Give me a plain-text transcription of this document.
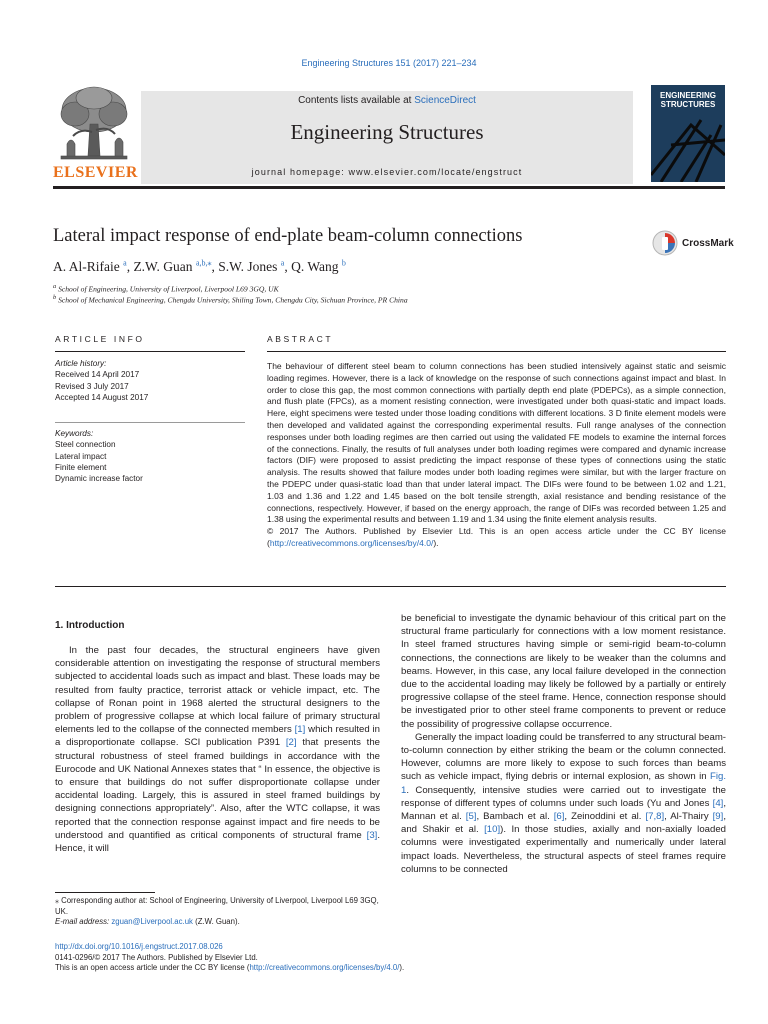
Engineering Structures 151 (2017) 221–234
ELSEVIER
Contents lists available at ScienceDirect
Engineering Structures
journal homepage: www.elsevier.com/locate/engstruct
ENGINEERING STRUCTURES
Lateral impact response of end-plate beam-column connections	CrossMark
A. Al-Rifaie $^a$, Z.W. Guan $^{a,b,⁎}$, S.W. Jones $^a$, Q. Wang $^b$
$^a$ School of Engineering, University of Liverpool, Liverpool L69 3GQ, UK
$^b$ School of Mechanical Engineering, Chengdu University, Shiling Town, Chengdu City, Sichuan Province, PR China
ARTICLE INFO	ABSTRACT
Article history:
Received 14 April 2017
Revised 3 July 2017
Accepted 14 August 2017
Keywords:
Steel connection
Lateral impact
Finite element
Dynamic increase factor

The behaviour of different steel beam to column connections has been studied intensively against static and seismic loading regimes. However, there is a lack of knowledge on the response of such connections against impact and blast. In order to close this gap, the most common connections with partially depth end plate (PDEPCs), as a simple connection, and flush plate (FPCs), as a moment resisting connection, were investigated under both quasi-static and impact loads. Here, eight specimens were tested under those loading conditions with different locations. 3 D finite element models were then developed and validated against the corresponding experimental results. Full range analyses of the connection responses under both loading regimes are then carried out using the validated FE models to examine the internal forces of the connections. Finally, the results of full analyses under both loading regimes were compared and dynamic increase factors (DIF) were proposed to assist predicting the impact response of these types of connections using the static analysis. The results showed that failure modes under both loading regimes were similar, but with the larger fracture on the PDEPC under quasi-static load than that under lateral impact. The DIFs were found to be between 1.02 and 1.21, 1.03 and 1.36 and 1.22 and 1.45 based on the bolt tensile strength, axial resistance and bending resistance of the connections, respectively. However, if based on the energy approach, the range of DIFs was recorded between 1.25 and 1.38 using the experimental results and between 1.19 and 1.34 using the finite element analysis results.

© 2017 The Authors. Published by Elsevier Ltd. This is an open access article under the CC BY license (http://creativecommons.org/licenses/by/4.0/).

1. Introduction

In the past four decades, the structural engineers have given considerable attention on investigating the response of structural members subjected to accidental loads such as impact and blast. These loads may be resulted from faulty practice, terrorist attack or vehicle impact, etc. The collapse of Ronan point in 1968 alerted the structural designers to the problem of progressive collapse at which local failure of primary structural elements led to the collapse of the connected members [1] which resulted in a disproportionate collapse. SCI publication P391 [2] that presents the structural robustness of steel framed buildings in accordance with the Eurocode and UK National Annexes states that “ In essence, the objective is to ensure that buildings do not suffer disproportionate collapse under accidental loading. Largely, this is assured in steel framed buildings by designing connections appropriately”. Also, after the WTC collapse, it was reported that the connection response against impact and fire needs to be understood and quantified as critical components of structural frame [3]. Hence, it will

⁎ Corresponding author at: School of Engineering, University of Liverpool, Liverpool L69 3GQ, UK.
E-mail address: zguan@Liverpool.ac.uk (Z.W. Guan).

be beneficial to investigate the dynamic behaviour of this critical part on the structural frame particularly for connections with a low moment resistance. In steel framed structures having simple or semi-rigid beam-to-column connections, the connections are likely to be weaker than the columns and beams. However, in this case, any local failure developed in the connection due to the accidental loading may likely be followed by a partially or entirely progressive collapse of the steel frame. Hence, connection response should be investigated prior to other steel frame components to prevent or reduce the possibility of progressive collapse occurrence.

Generally the impact loading could be transferred to any structural beam-to-column connection by either striking the beam or the column connected. However, columns are more likely to expose to such forces than beams such as vehicle impact, flying debris or internal explosion, as shown in Fig. 1. Consequently, intensive studies were carried out to investigate the response of different types of columns under such loads (Yu and Jones [4], Mannan et al. [5], Bambach et al. [6], Zeinoddini et al. [7,8], Al-Thairy [9], and Shakir et al. [10]). In those studies, axially and non-axially loaded columns were investigated experimentally and numerically under lateral impact loads. Nevertheless, the structural aspects of steel frames require columns to be connected

http://dx.doi.org/10.1016/j.engstruct.2017.08.026
0141-0296/© 2017 The Authors. Published by Elsevier Ltd.
This is an open access article under the CC BY license (http://creativecommons.org/licenses/by/4.0/).
